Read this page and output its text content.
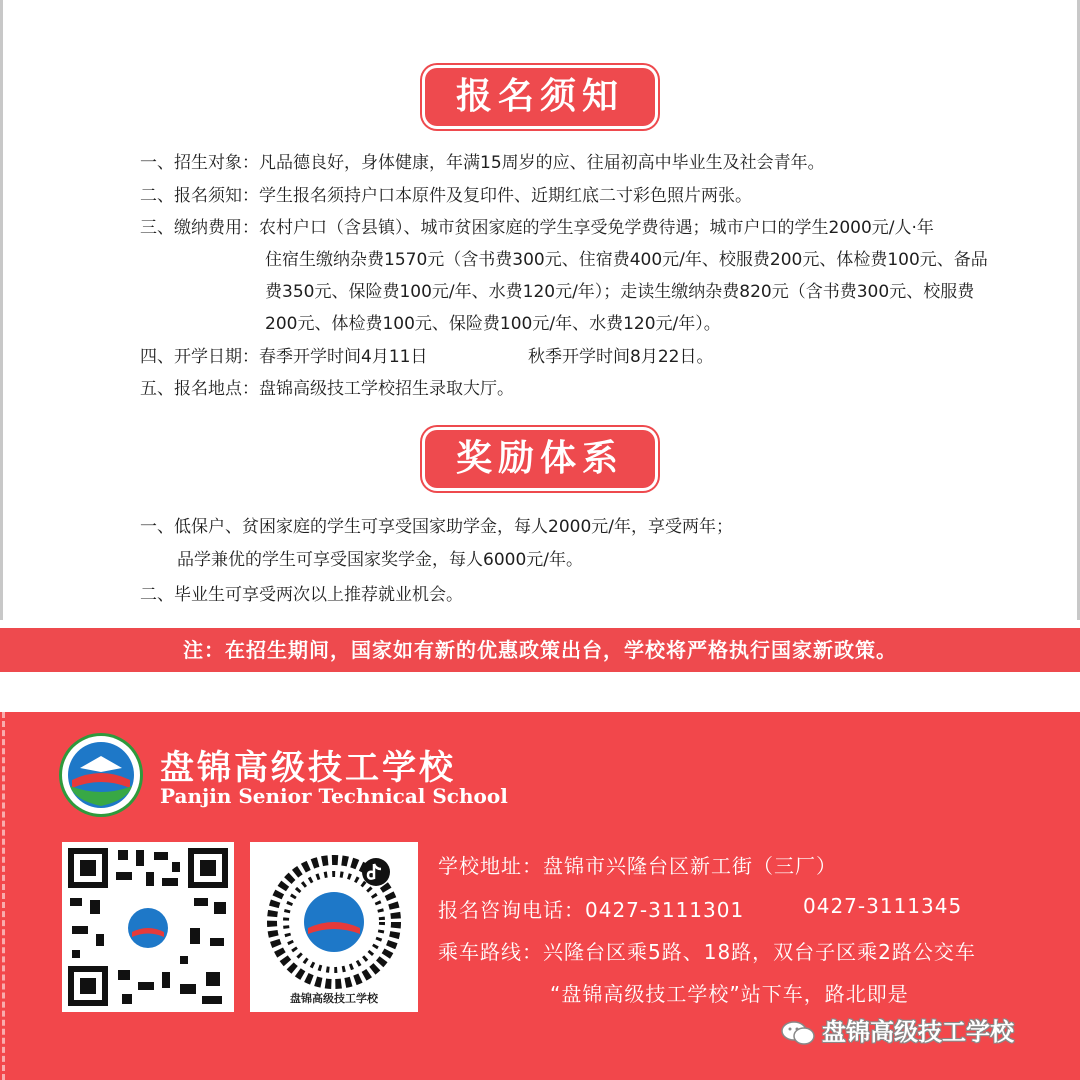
报名须知
一、招生对象：凡品德良好，身体健康，年满15周岁的应、往届初高中毕业生及社会青年。
二、报名须知：学生报名须持户口本原件及复印件、近期红底二寸彩色照片两张。
三、缴纳费用：农村户口（含县镇）、城市贫困家庭的学生享受免学费待遇；城市户口的学生2000元/人·年
住宿生缴纳杂费1570元（含书费300元、住宿费400元/年、校服费200元、体检费100元、备品
费350元、保险费100元/年、水费120元/年）；走读生缴纳杂费820元（含书费300元、校服费
200元、体检费100元、保险费100元/年、水费120元/年）。
四、开学日期：春季开学时间4月11日	秋季开学时间8月22日。
五、报名地点：盘锦高级技工学校招生录取大厅。
奖励体系
一、低保户、贫困家庭的学生可享受国家助学金，每人2000元/年，享受两年；
品学兼优的学生可享受国家奖学金，每人6000元/年。
二、毕业生可享受两次以上推荐就业机会。
注：在招生期间，国家如有新的优惠政策出台，学校将严格执行国家新政策。
盘锦高级技工学校
Panjin Senior Technical School
盘锦高级技工学校
学校地址：盘锦市兴隆台区新工街（三厂）
报名咨询电话：0427-3111301	0427-3111345
乘车路线：兴隆台区乘5路、18路，双台子区乘2路公交车
“盘锦高级技工学校”站下车，路北即是
盘锦高级技工学校
